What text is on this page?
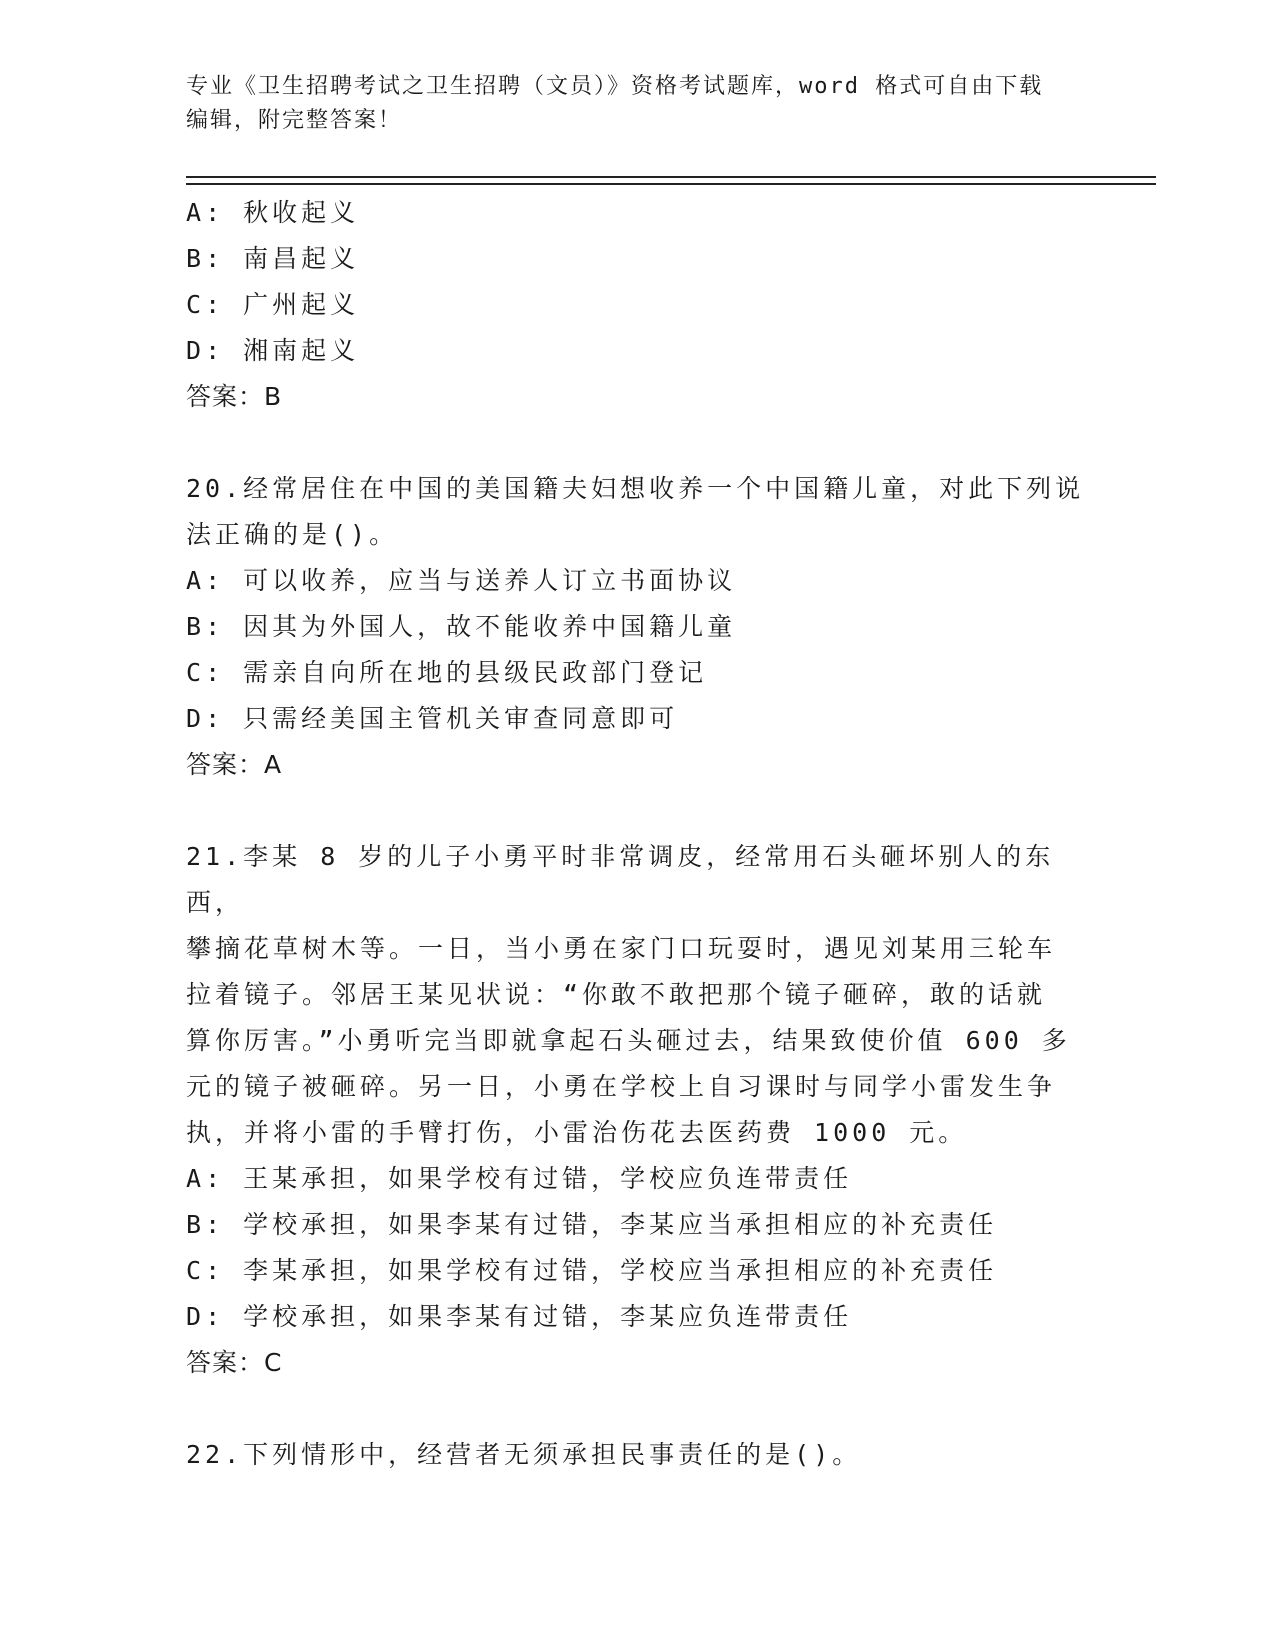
专业《卫生招聘考试之卫生招聘（文员）》资格考试题库，word 格式可自由下载
编辑，附完整答案！
A: 秋收起义
B: 南昌起义
C: 广州起义
D: 湘南起义
答案：B
20.经常居住在中国的美国籍夫妇想收养一个中国籍儿童，对此下列说
法正确的是()。
A: 可以收养，应当与送养人订立书面协议
B: 因其为外国人，故不能收养中国籍儿童
C: 需亲自向所在地的县级民政部门登记
D: 只需经美国主管机关审查同意即可
答案：A
21.李某 8 岁的儿子小勇平时非常调皮，经常用石头砸坏别人的东西，
攀摘花草树木等。一日，当小勇在家门口玩耍时，遇见刘某用三轮车
拉着镜子。邻居王某见状说：“你敢不敢把那个镜子砸碎，敢的话就
算你厉害。”小勇听完当即就拿起石头砸过去，结果致使价值 600 多
元的镜子被砸碎。另一日，小勇在学校上自习课时与同学小雷发生争
执，并将小雷的手臂打伤，小雷治伤花去医药费 1000 元。
A: 王某承担，如果学校有过错，学校应负连带责任
B: 学校承担，如果李某有过错，李某应当承担相应的补充责任
C: 李某承担，如果学校有过错，学校应当承担相应的补充责任
D: 学校承担，如果李某有过错，李某应负连带责任
答案：C
22.下列情形中，经营者无须承担民事责任的是()。
